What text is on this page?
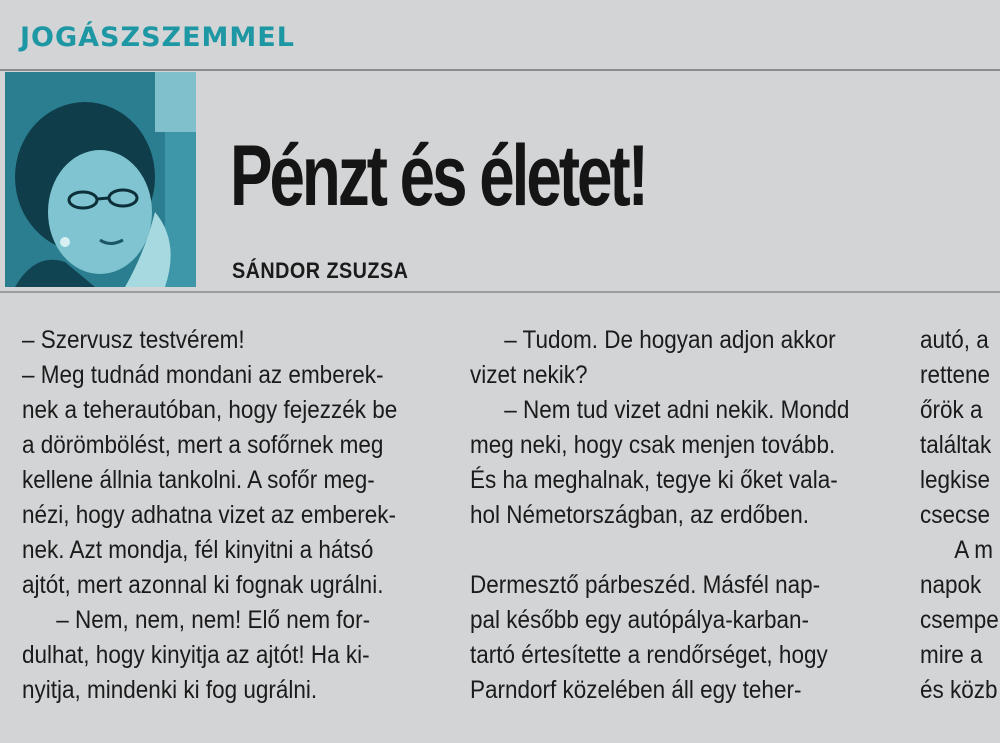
JOGÁSZSZEMMEL
Pénzt és életet!
SÁNDOR ZSUZSA

– Szervusz testvérem!

– Meg tudnád mondani az emberek-

nek a teherautóban, hogy fejezzék be

a dörömbölést, mert a sofőrnek meg

kellene állnia tankolni. A sofőr meg-

nézi, hogy adhatna vizet az emberek-

nek. Azt mondja, fél kinyitni a hátsó

ajtót, mert azonnal ki fognak ugrálni.

– Nem, nem, nem! Elő nem for-

dulhat, hogy kinyitja az ajtót! Ha ki-

nyitja, mindenki ki fog ugrálni.

– Tudom. De hogyan adjon akkor

vizet nekik?

– Nem tud vizet adni nekik. Mondd

meg neki, hogy csak menjen tovább.

És ha meghalnak, tegye ki őket vala-

hol Németországban, az erdőben.

Dermesztő párbeszéd. Másfél nap-

pal később egy autópálya-karban-

tartó értesítette a rendőrséget, hogy

Parndorf közelében áll egy teher-

autó, a

rettene

őrök a

találtak

legkise

csecse

A m

napok

csempe

mire a

és közb
